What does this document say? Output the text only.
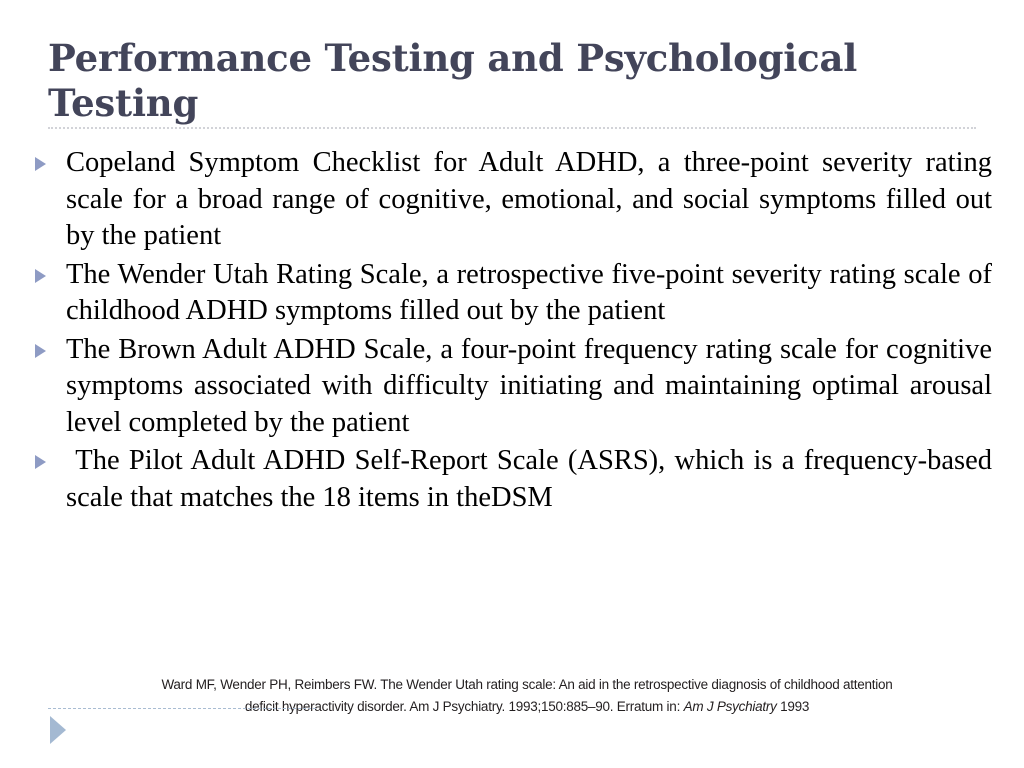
Performance Testing and Psychological Testing

Copeland Symptom Checklist for Adult ADHD, a three-point severity rating scale for a broad range of cognitive, emotional, and social symptoms filled out by the patient

The Wender Utah Rating Scale, a retrospective five-point severity rating scale of childhood ADHD symptoms filled out by the patient

The Brown Adult ADHD Scale, a four-point frequency rating scale for cognitive symptoms associated with difficulty initiating and maintaining optimal arousal level completed by the patient

The Pilot Adult ADHD Self-Report Scale (ASRS), which is a frequency-based scale that matches the 18 items in theDSM

Ward MF, Wender PH, Reimbers FW. The Wender Utah rating scale: An aid in the retrospective diagnosis of childhood attention
deficit hyperactivity disorder. Am J Psychiatry. 1993;150:885–90. Erratum in: Am J Psychiatry 1993
